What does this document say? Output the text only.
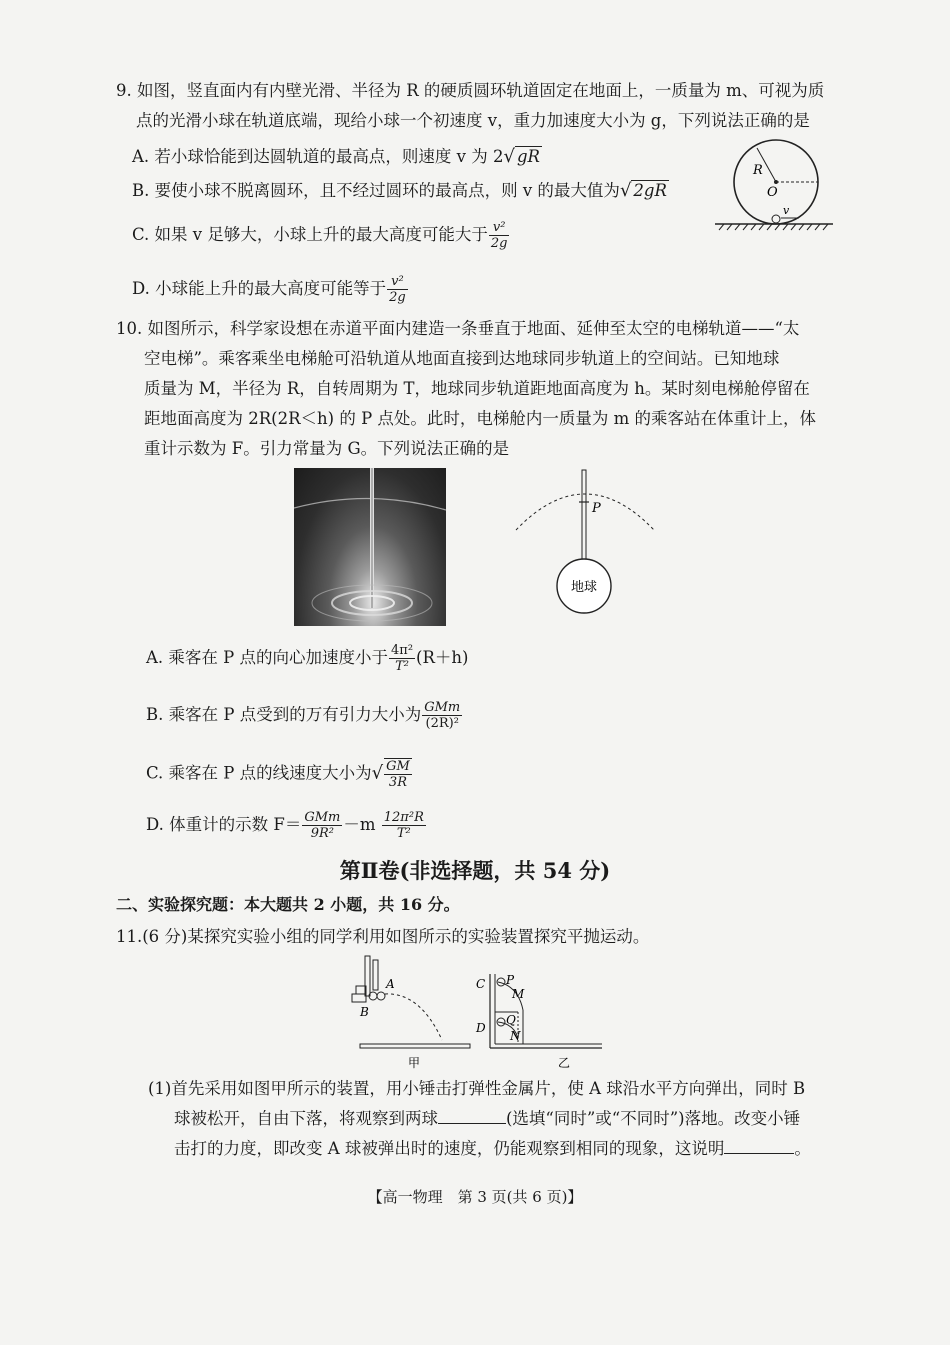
9. 如图，竖直面内有内壁光滑、半径为 R 的硬质圆环轨道固定在地面上，一质量为 m、可视为质
点的光滑小球在轨道底端，现给小球一个初速度 v，重力加速度大小为 g，下列说法正确的是
A. 若小球恰能到达圆轨道的最高点，则速度 v 为 2√ gR
B. 要使小球不脱离圆环，且不经过圆环的最高点，则 v 的最大值为√ 2gR
C. 如果 v 足够大，小球上升的最大高度可能大于 $\frac{\text{v²}}{2g}$
D. 小球能上升的最大高度可能等于 $\frac{\text{v²}}{2g}$
R
O
v
10. 如图所示，科学家设想在赤道平面内建造一条垂直于地面、延伸至太空的电梯轨道——“太
空电梯”。乘客乘坐电梯舱可沿轨道从地面直接到达地球同步轨道上的空间站。已知地球
质量为 M，半径为 R，自转周期为 T，地球同步轨道距地面高度为 h。某时刻电梯舱停留在
距地面高度为 2R(2R＜h) 的 P 点处。此时，电梯舱内一质量为 m 的乘客站在体重计上，体
重计示数为 F。引力常量为 G。下列说法正确的是
P
地球
A. 乘客在 P 点的向心加速度小于 $\frac{\text{4π²}}{\text{T²}} (R+h)$
B. 乘客在 P 点受到的万有引力大小为 $\frac{\text{GMm}}{\text{(2R)²}}$
C. 乘客在 P 点的线速度大小为√ $\frac{GM}{3R}$
D. 体重计的示数 $F= \frac{\text{GMm}}{\text{9R²}} -m \frac{\text{12π²R}}{\text{T²}}$
第Ⅱ卷(非选择题，共 54 分)
二、实验探究题：本大题共 2 小题，共 16 分。
11.(6 分)某探究实验小组的同学利用如图所示的实验装置探究平抛运动。
A
B
甲
C
D
P
M
Q
N
乙
(1)首先采用如图甲所示的装置，用小锤击打弹性金属片，使 A 球沿水平方向弹出，同时 B
球被松开，自由下落，将观察到两球	(选填“同时”或“不同时”)落地。改变小锤
击打的力度，即改变 A 球被弹出时的速度，仍能观察到相同的现象，这说明	。
【高一物理　第 3 页(共 6 页)】
